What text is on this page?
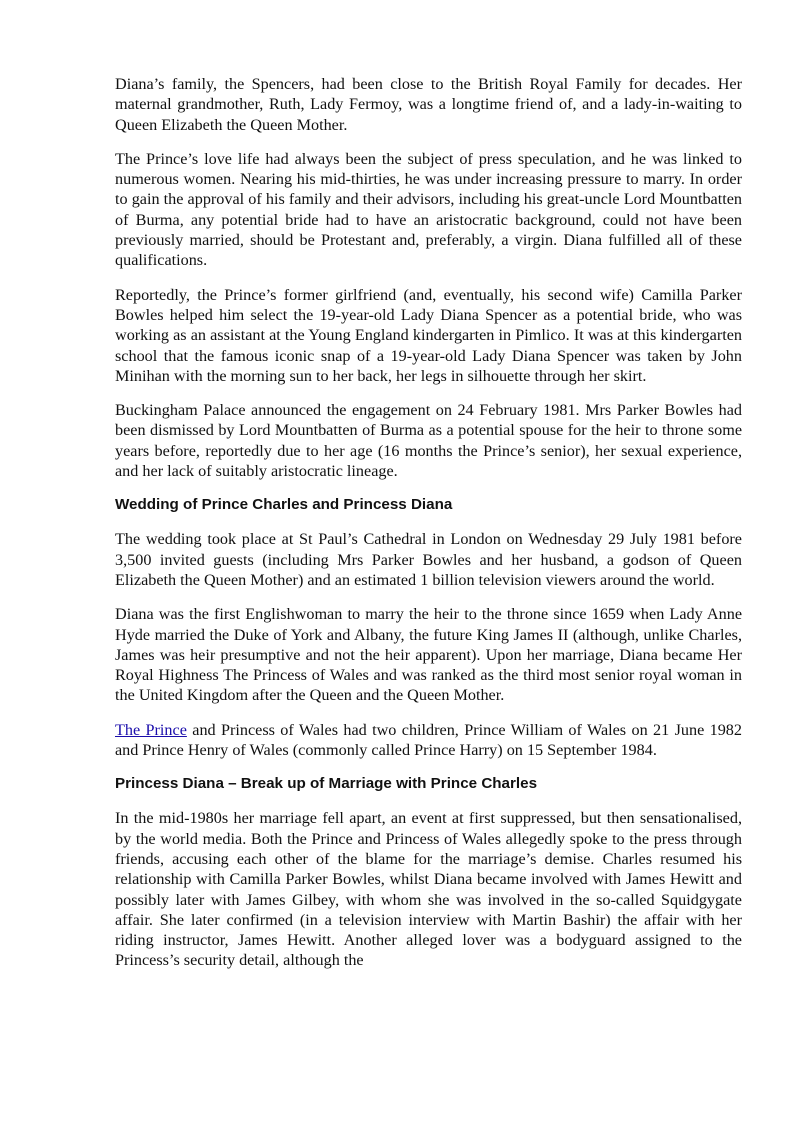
Diana’s family, the Spencers, had been close to the British Royal Family for decades. Her maternal grandmother, Ruth, Lady Fermoy, was a longtime friend of, and a lady-in-waiting to Queen Elizabeth the Queen Mother.

The Prince’s love life had always been the subject of press speculation, and he was linked to numerous women. Nearing his mid-thirties, he was under increasing pressure to marry. In order to gain the approval of his family and their advisors, including his great-uncle Lord Mountbatten of Burma, any potential bride had to have an aristocratic background, could not have been previously married, should be Protestant and, preferably, a virgin. Diana fulfilled all of these qualifications.

Reportedly, the Prince’s former girlfriend (and, eventually, his second wife) Camilla Parker Bowles helped him select the 19-year-old Lady Diana Spencer as a potential bride, who was working as an assistant at the Young England kindergarten in Pimlico. It was at this kindergarten school that the famous iconic snap of a 19-year-old Lady Diana Spencer was taken by John Minihan with the morning sun to her back, her legs in silhouette through her skirt.

Buckingham Palace announced the engagement on 24 February 1981. Mrs Parker Bowles had been dismissed by Lord Mountbatten of Burma as a potential spouse for the heir to throne some years before, reportedly due to her age (16 months the Prince’s senior), her sexual experience, and her lack of suitably aristocratic lineage.

Wedding of Prince Charles and Princess Diana

The wedding took place at St Paul’s Cathedral in London on Wednesday 29 July 1981 before 3,500 invited guests (including Mrs Parker Bowles and her husband, a godson of Queen Elizabeth the Queen Mother) and an estimated 1 billion television viewers around the world.

Diana was the first Englishwoman to marry the heir to the throne since 1659 when Lady Anne Hyde married the Duke of York and Albany, the future King James II (although, unlike Charles, James was heir presumptive and not the heir apparent). Upon her marriage, Diana became Her Royal Highness The Princess of Wales and was ranked as the third most senior royal woman in the United Kingdom after the Queen and the Queen Mother.

The Prince and Princess of Wales had two children, Prince William of Wales on 21 June 1982 and Prince Henry of Wales (commonly called Prince Harry) on 15 September 1984.

Princess Diana – Break up of Marriage with Prince Charles

In the mid-1980s her marriage fell apart, an event at first suppressed, but then sensationalised, by the world media. Both the Prince and Princess of Wales allegedly spoke to the press through friends, accusing each other of the blame for the marriage’s demise. Charles resumed his relationship with Camilla Parker Bowles, whilst Diana became involved with James Hewitt and possibly later with James Gilbey, with whom she was involved in the so-called Squidgygate affair. She later confirmed (in a television interview with Martin Bashir) the affair with her riding instructor, James Hewitt. Another alleged lover was a bodyguard assigned to the Princess’s security detail, although the
